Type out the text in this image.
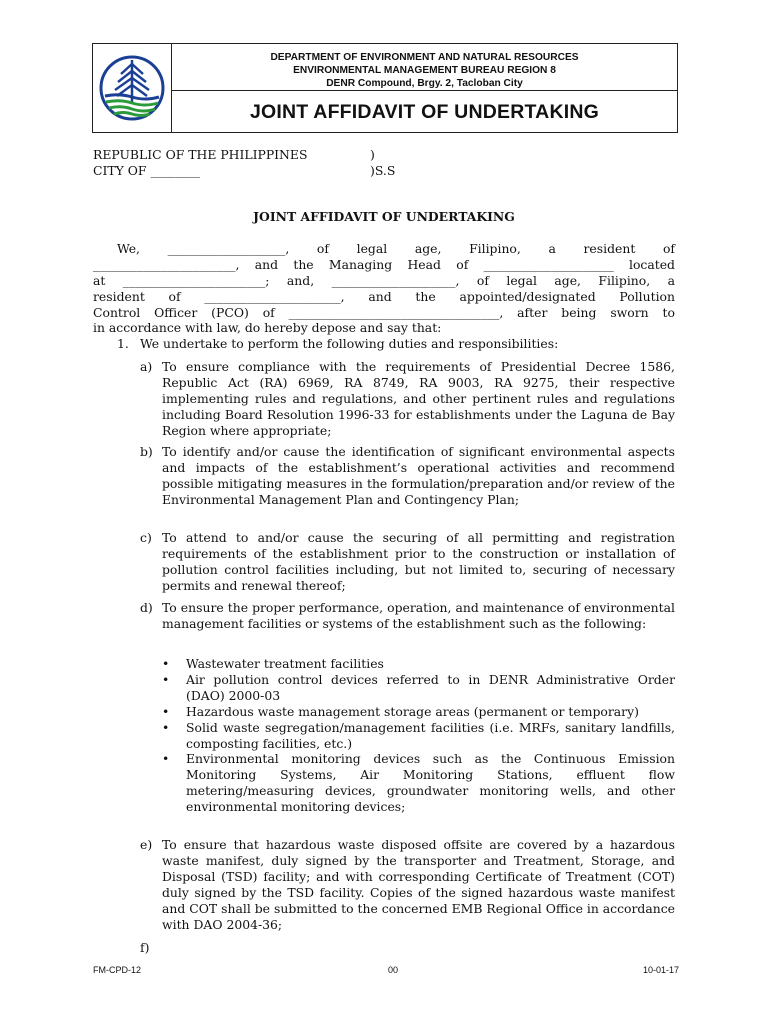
DEPARTMENT OF ENVIRONMENT AND NATURAL RESOURCES
ENVIRONMENTAL MANAGEMENT BUREAU REGION 8
DENR Compound, Brgy. 2, Tacloban City
JOINT AFFIDAVIT OF UNDERTAKING
REPUBLIC OF THE PHILIPPINES	)
CITY OF ________	)S.S
JOINT AFFIDAVIT OF UNDERTAKING
We, ___________________, of legal age, Filipino, a resident of
_______________________, and the Managing Head of _____________________ located
at _______________________; and, ____________________, of legal age, Filipino, a
resident of ______________________, and the appointed/designated Pollution
Control Officer (PCO) of __________________________________, after being sworn to
in accordance with law, do hereby depose and say that:
1. We undertake to perform the following duties and responsibilities:
a) To ensure compliance with the requirements of Presidential Decree 1586, Republic Act (RA) 6969, RA 8749, RA 9003, RA 9275, their respective implementing rules and regulations, and other pertinent rules and regulations including Board Resolution 1996-33 for establishments under the Laguna de Bay Region where appropriate;
b) To identify and/or cause the identification of significant environmental aspects and impacts of the establishment’s operational activities and recommend possible mitigating measures in the formulation/preparation and/or review of the Environmental Management Plan and Contingency Plan;
c) To attend to and/or cause the securing of all permitting and registration requirements of the establishment prior to the construction or installation of pollution control facilities including, but not limited to, securing of necessary permits and renewal thereof;
d) To ensure the proper performance, operation, and maintenance of environmental management facilities or systems of the establishment such as the following:
• Wastewater treatment facilities
• Air pollution control devices referred to in DENR Administrative Order (DAO) 2000-03
• Hazardous waste management storage areas (permanent or temporary)
• Solid waste segregation/management facilities (i.e. MRFs, sanitary landfills, composting facilities, etc.)
• Environmental monitoring devices such as the Continuous Emission Monitoring Systems, Air Monitoring Stations, effluent flow metering/measuring devices, groundwater monitoring wells, and other environmental monitoring devices;
e) To ensure that hazardous waste disposed offsite are covered by a hazardous waste manifest, duly signed by the transporter and Treatment, Storage, and Disposal (TSD) facility; and with corresponding Certificate of Treatment (COT) duly signed by the TSD facility. Copies of the signed hazardous waste manifest and COT shall be submitted to the concerned EMB Regional Office in accordance with DAO 2004-36;
f)
FM-CPD-12	00	10-01-17
